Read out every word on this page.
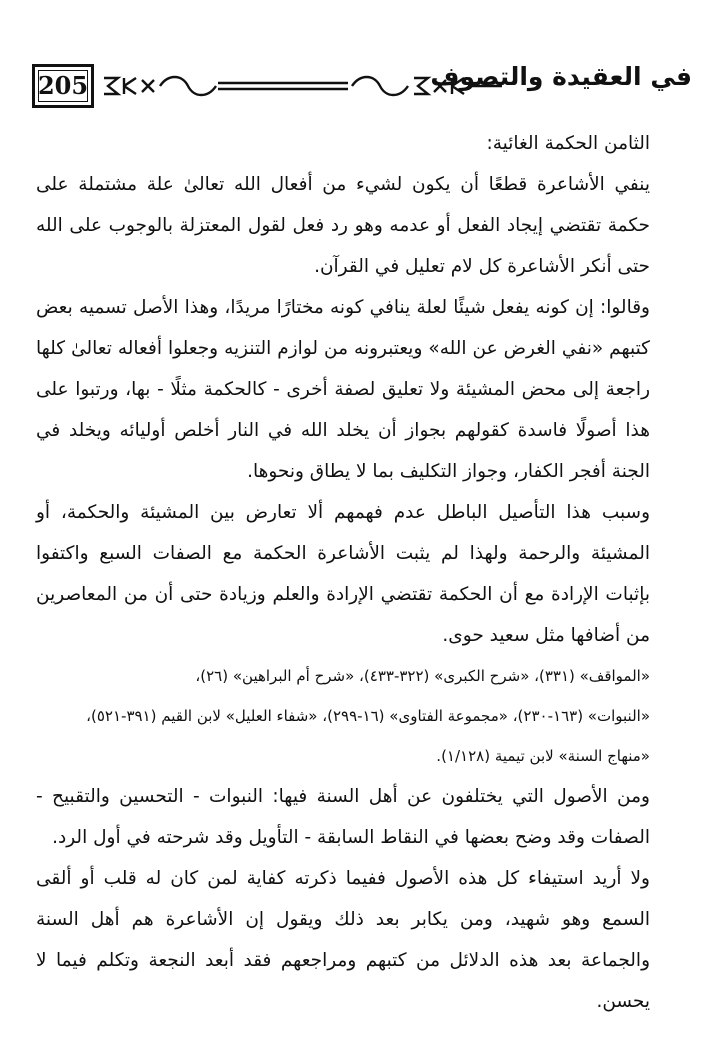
205	في العقيدة والتصوف

الثامن الحكمة الغائية:

ينفي الأشاعرة قطعًا أن يكون لشيء من أفعال الله تعالىٰ علة مشتملة على حكمة تقتضي إيجاد الفعل أو عدمه وهو رد فعل لقول المعتزلة بالوجوب على الله حتى أنكر الأشاعرة كل لام تعليل في القرآن.

وقالوا: إن كونه يفعل شيئًا لعلة ينافي كونه مختارًا مريدًا، وهذا الأصل تسميه بعض كتبهم «نفي الغرض عن الله» ويعتبرونه من لوازم التنزيه وجعلوا أفعاله تعالىٰ كلها راجعة إلى محض المشيئة ولا تعليق لصفة أخرى - كالحكمة مثلًا - بها، ورتبوا على هذا أصولًا فاسدة كقولهم بجواز أن يخلد الله في النار أخلص أوليائه ويخلد في الجنة أفجر الكفار، وجواز التكليف بما لا يطاق ونحوها.

وسبب هذا التأصيل الباطل عدم فهمهم ألا تعارض بين المشيئة والحكمة، أو المشيئة والرحمة ولهذا لم يثبت الأشاعرة الحكمة مع الصفات السبع واكتفوا بإثبات الإرادة مع أن الحكمة تقتضي الإرادة والعلم وزيادة حتى أن من المعاصرين من أضافها مثل سعيد حوى.

«المواقف» (٣٣١)، «شرح الكبرى» (٣٢٢-٤٣٣)، «شرح أم البراهين» (٢٦)،

«النبوات» (١٦٣-٢٣٠)، «مجموعة الفتاوى» (١٦-٢٩٩)، «شفاء العليل» لابن القيم (٣٩١-٥٢١)،

«منهاج السنة» لابن تيمية (١/١٢٨).

ومن الأصول التي يختلفون عن أهل السنة فيها: النبوات - التحسين والتقبيح - الصفات وقد وضح بعضها في النقاط السابقة - التأويل وقد شرحته في أول الرد.

ولا أريد استيفاء كل هذه الأصول ففيما ذكرته كفاية لمن كان له قلب أو ألقى السمع وهو شهيد، ومن يكابر بعد ذلك ويقول إن الأشاعرة هم أهل السنة والجماعة بعد هذه الدلائل من كتبهم ومراجعهم فقد أبعد النجعة وتكلم فيما لا يحسن.
